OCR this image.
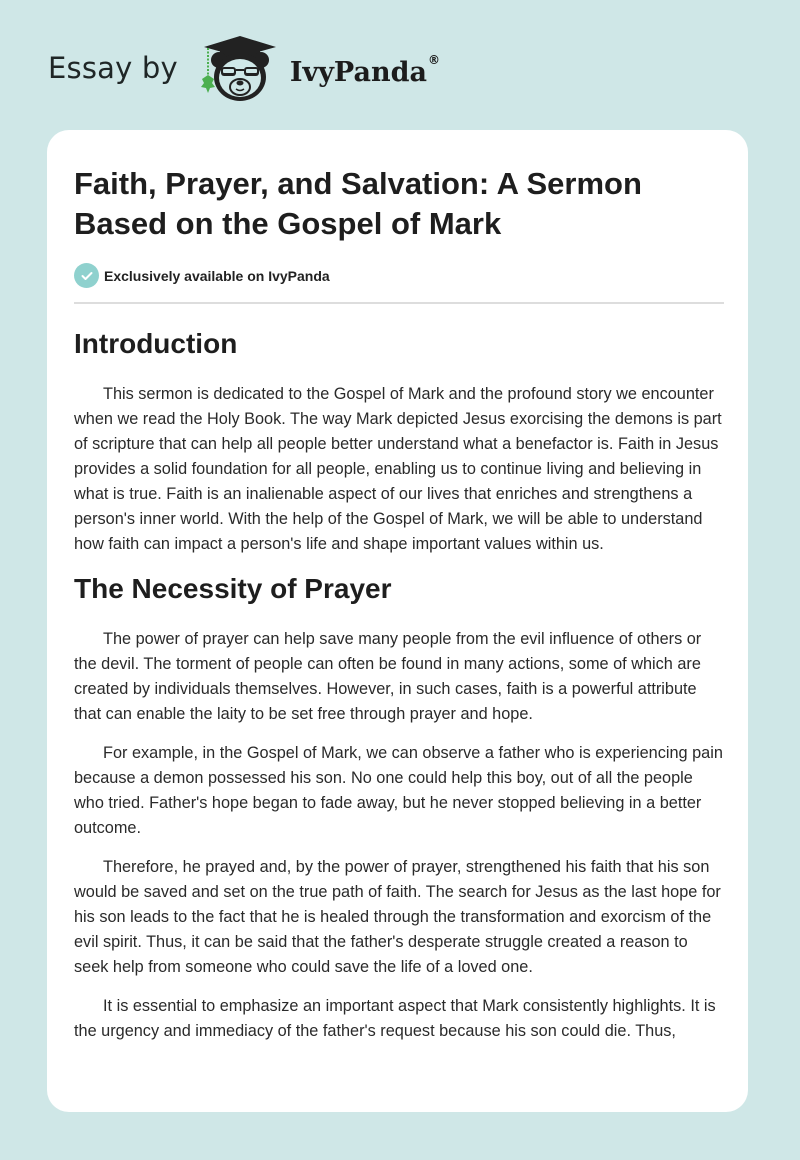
Essay by	IvyPanda®
Faith, Prayer, and Salvation: A Sermon Based on the Gospel of Mark
Exclusively available on IvyPanda
Introduction

This sermon is dedicated to the Gospel of Mark and the profound story we encounter when we read the Holy Book. The way Mark depicted Jesus exorcising the demons is part of scripture that can help all people better understand what a benefactor is. Faith in Jesus provides a solid foundation for all people, enabling us to continue living and believing in what is true. Faith is an inalienable aspect of our lives that enriches and strengthens a person's inner world. With the help of the Gospel of Mark, we will be able to understand how faith can impact a person's life and shape important values within us.

The Necessity of Prayer

The power of prayer can help save many people from the evil influence of others or the devil. The torment of people can often be found in many actions, some of which are created by individuals themselves. However, in such cases, faith is a powerful attribute that can enable the laity to be set free through prayer and hope.

For example, in the Gospel of Mark, we can observe a father who is experiencing pain because a demon possessed his son. No one could help this boy, out of all the people who tried. Father's hope began to fade away, but he never stopped believing in a better outcome.

Therefore, he prayed and, by the power of prayer, strengthened his faith that his son would be saved and set on the true path of faith. The search for Jesus as the last hope for his son leads to the fact that he is healed through the transformation and exorcism of the evil spirit. Thus, it can be said that the father's desperate struggle created a reason to seek help from someone who could save the life of a loved one.

It is essential to emphasize an important aspect that Mark consistently highlights. It is the urgency and immediacy of the father's request because his son could die. Thus,
